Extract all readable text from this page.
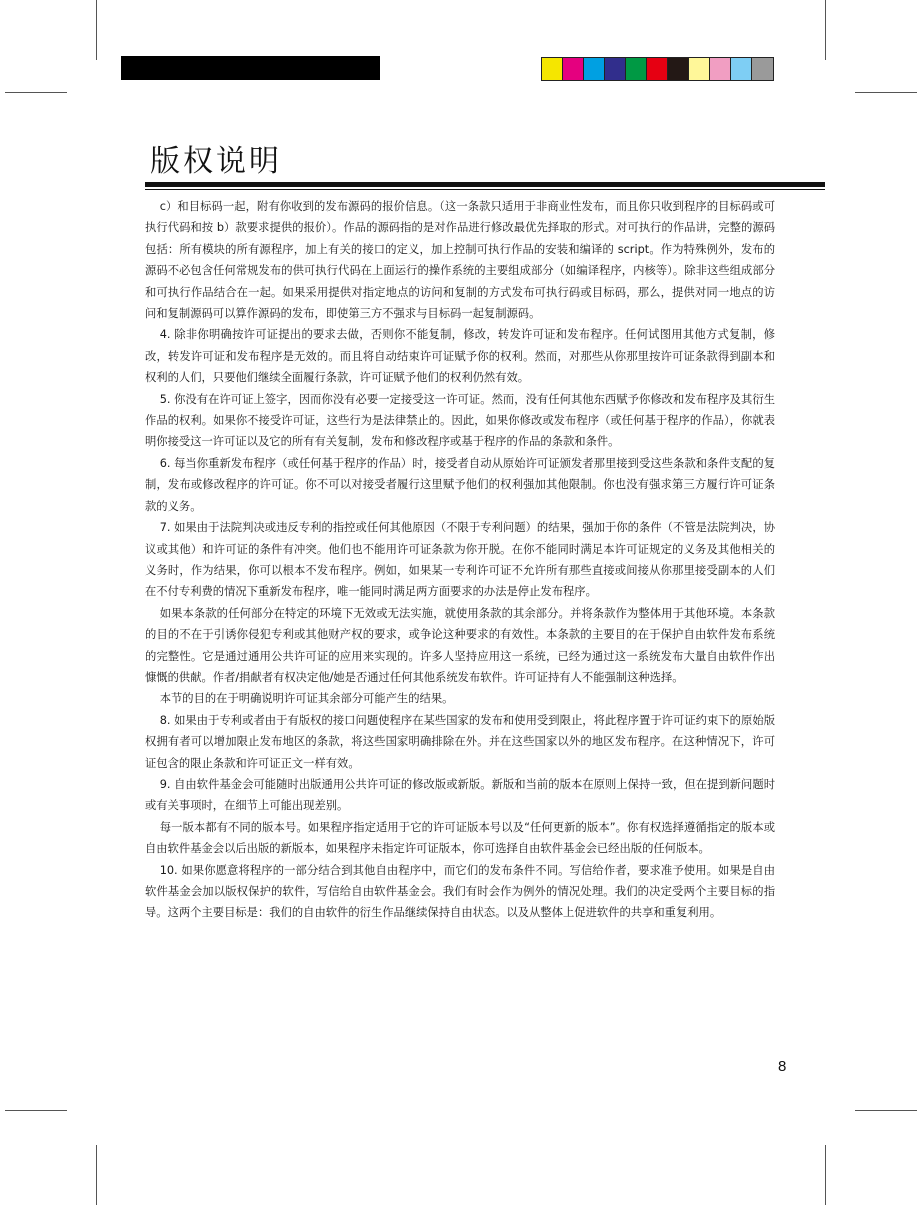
版权说明

c）和目标码一起，附有你收到的发布源码的报价信息。（这一条款只适用于非商业性发布，而且你只收到程序的目标码或可执行代码和按 b）款要求提供的报价）。作品的源码指的是对作品进行修改最优先择取的形式。对可执行的作品讲，完整的源码包括：所有模块的所有源程序，加上有关的接口的定义，加上控制可执行作品的安装和编译的 script。作为特殊例外，发布的源码不必包含任何常规发布的供可执行代码在上面运行的操作系统的主要组成部分（如编译程序，内核等）。除非这些组成部分和可执行作品结合在一起。如果采用提供对指定地点的访问和复制的方式发布可执行码或目标码，那么，提供对同一地点的访问和复制源码可以算作源码的发布，即使第三方不强求与目标码一起复制源码。

4. 除非你明确按许可证提出的要求去做，否则你不能复制，修改，转发许可证和发布程序。任何试图用其他方式复制，修改，转发许可证和发布程序是无效的。而且将自动结束许可证赋予你的权利。然而，对那些从你那里按许可证条款得到副本和权利的人们，只要他们继续全面履行条款，许可证赋予他们的权利仍然有效。

5. 你没有在许可证上签字，因而你没有必要一定接受这一许可证。然而，没有任何其他东西赋予你修改和发布程序及其衍生作品的权利。如果你不接受许可证，这些行为是法律禁止的。因此，如果你修改或发布程序（或任何基于程序的作品），你就表明你接受这一许可证以及它的所有有关复制，发布和修改程序或基于程序的作品的条款和条件。

6. 每当你重新发布程序（或任何基于程序的作品）时，接受者自动从原始许可证颁发者那里接到受这些条款和条件支配的复制，发布或修改程序的许可证。你不可以对接受者履行这里赋予他们的权利强加其他限制。你也没有强求第三方履行许可证条款的义务。

7. 如果由于法院判决或违反专利的指控或任何其他原因（不限于专利问题）的结果，强加于你的条件（不管是法院判决，协议或其他）和许可证的条件有冲突。他们也不能用许可证条款为你开脱。在你不能同时满足本许可证规定的义务及其他相关的义务时，作为结果，你可以根本不发布程序。例如，如果某一专利许可证不允许所有那些直接或间接从你那里接受副本的人们在不付专利费的情况下重新发布程序，唯一能同时满足两方面要求的办法是停止发布程序。

如果本条款的任何部分在特定的环境下无效或无法实施，就使用条款的其余部分。并将条款作为整体用于其他环境。本条款的目的不在于引诱你侵犯专利或其他财产权的要求，或争论这种要求的有效性。本条款的主要目的在于保护自由软件发布系统的完整性。它是通过通用公共许可证的应用来实现的。许多人坚持应用这一系统，已经为通过这一系统发布大量自由软件作出慷慨的供献。作者/捐献者有权决定他/她是否通过任何其他系统发布软件。许可证持有人不能强制这种选择。

本节的目的在于明确说明许可证其余部分可能产生的结果。

8. 如果由于专利或者由于有版权的接口问题使程序在某些国家的发布和使用受到限止，将此程序置于许可证约束下的原始版权拥有者可以增加限止发布地区的条款，将这些国家明确排除在外。并在这些国家以外的地区发布程序。在这种情况下，许可证包含的限止条款和许可证正文一样有效。

9. 自由软件基金会可能随时出版通用公共许可证的修改版或新版。新版和当前的版本在原则上保持一致，但在提到新问题时或有关事项时，在细节上可能出现差别。

每一版本都有不同的版本号。如果程序指定适用于它的许可证版本号以及“任何更新的版本”。你有权选择遵循指定的版本或自由软件基金会以后出版的新版本，如果程序未指定许可证版本，你可选择自由软件基金会已经出版的任何版本。

10. 如果你愿意将程序的一部分结合到其他自由程序中，而它们的发布条件不同。写信给作者，要求准予使用。如果是自由软件基金会加以版权保护的软件，写信给自由软件基金会。我们有时会作为例外的情况处理。我们的决定受两个主要目标的指导。这两个主要目标是：我们的自由软件的衍生作品继续保持自由状态。以及从整体上促进软件的共享和重复利用。

8
